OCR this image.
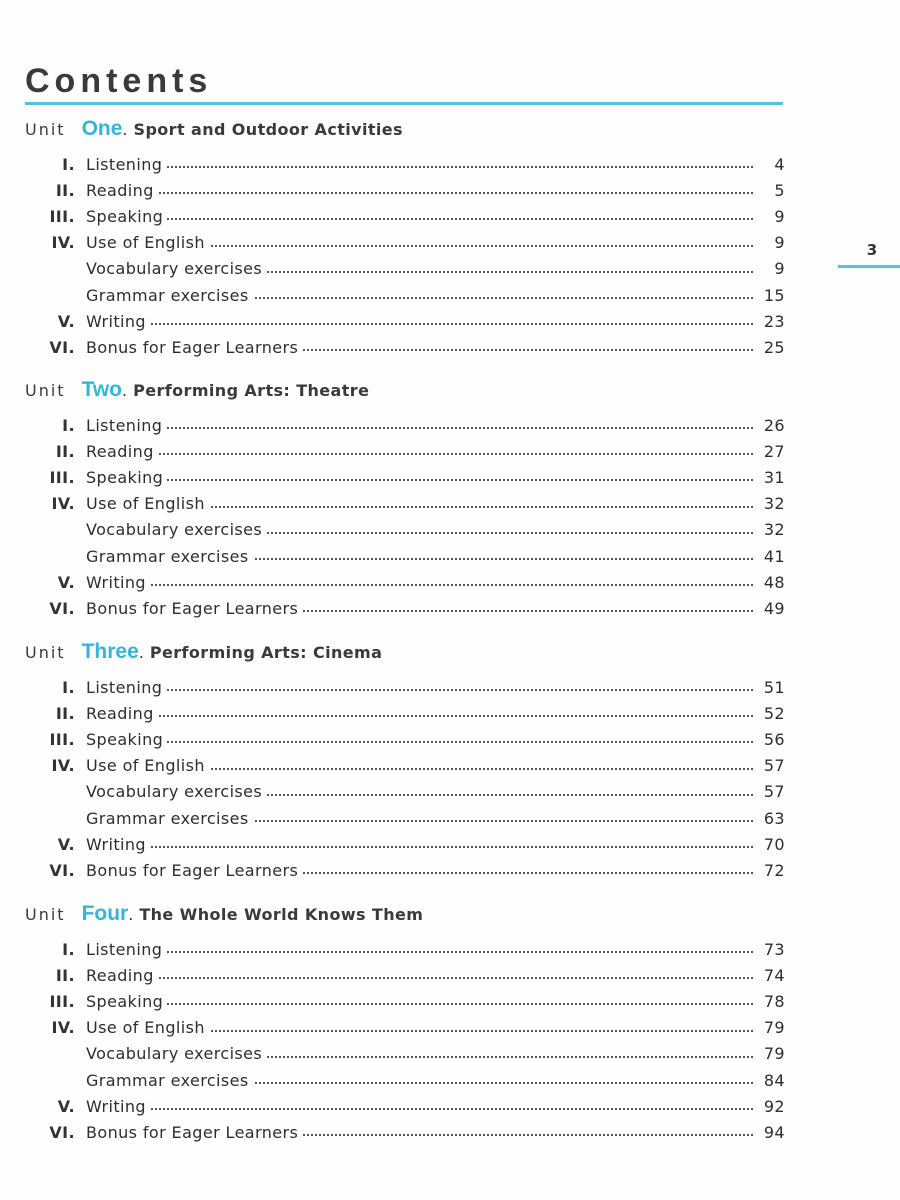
Contents
3
Unit One . Sport and Outdoor Activities
I. Listening	4
II. Reading	5
III. Speaking	9
IV. Use of English	9
Vocabulary exercises	9
Grammar exercises	15
V. Writing	23
VI. Bonus for Eager Learners	25
Unit Two . Performing Arts: Theatre
I. Listening	26
II. Reading	27
III. Speaking	31
IV. Use of English	32
Vocabulary exercises	32
Grammar exercises	41
V. Writing	48
VI. Bonus for Eager Learners	49
Unit Three . Performing Arts: Cinema
I. Listening	51
II. Reading	52
III. Speaking	56
IV. Use of English	57
Vocabulary exercises	57
Grammar exercises	63
V. Writing	70
VI. Bonus for Eager Learners	72
Unit Four . The Whole World Knows Them
I. Listening	73
II. Reading	74
III. Speaking	78
IV. Use of English	79
Vocabulary exercises	79
Grammar exercises	84
V. Writing	92
VI. Bonus for Eager Learners	94
